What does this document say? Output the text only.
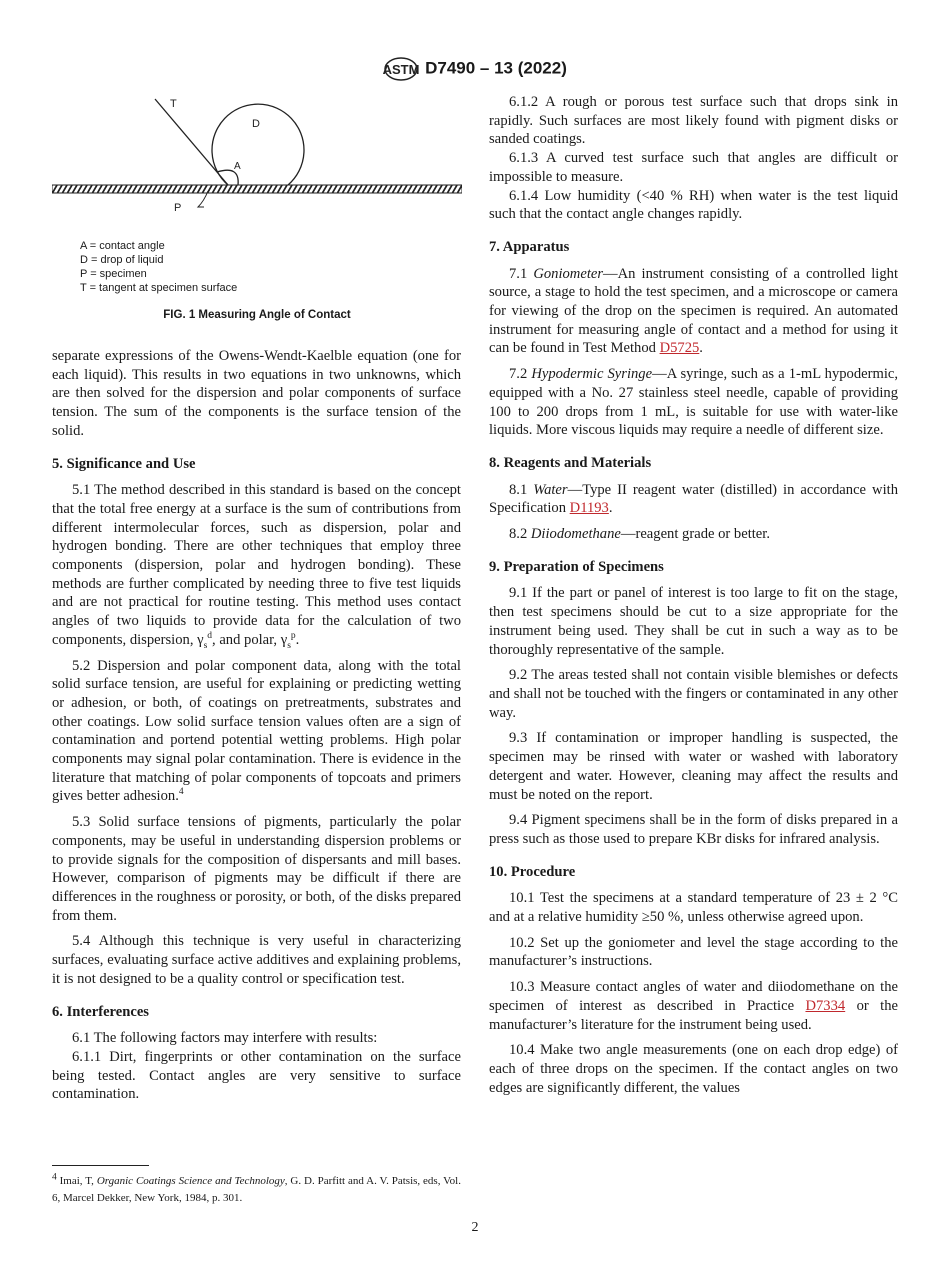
ASTM D7490 – 13 (2022)
T
D
A
P
A = contact angle
D = drop of liquid
P = specimen
T = tangent at specimen surface
FIG. 1 Measuring Angle of Contact
separate expressions of the Owens-Wendt-Kaelble equation (one for each liquid). This results in two equations in two unknowns, which are then solved for the dispersion and polar components of surface tension. The sum of the components is the surface tension of the solid.
5. Significance and Use
5.1 The method described in this standard is based on the concept that the total free energy at a surface is the sum of contributions from different intermolecular forces, such as dispersion, polar and hydrogen bonding. There are other techniques that employ three components (dispersion, polar and hydrogen bonding). These methods are further complicated by needing three to five test liquids and are not practical for routine testing. This method uses contact angles of two liquids to provide data for the calculation of two components, dispersion, $\gamma_s^d$, and polar, $\gamma_s^p$.
5.2 Dispersion and polar component data, along with the total solid surface tension, are useful for explaining or predicting wetting or adhesion, or both, of coatings on pretreatments, substrates and other coatings. Low solid surface tension values often are a sign of contamination and portend potential wetting problems. High polar components may signal polar contamination. There is evidence in the literature that matching of polar components of topcoats and primers gives better adhesion.$^4$
5.3 Solid surface tensions of pigments, particularly the polar components, may be useful in understanding dispersion problems or to provide signals for the composition of dispersants and mill bases. However, comparison of pigments may be difficult if there are differences in the roughness or porosity, or both, of the disks prepared from them.
5.4 Although this technique is very useful in characterizing surfaces, evaluating surface active additives and explaining problems, it is not designed to be a quality control or specification test.
6. Interferences
6.1 The following factors may interfere with results:
6.1.1 Dirt, fingerprints or other contamination on the surface being tested. Contact angles are very sensitive to surface contamination.
6.1.2 A rough or porous test surface such that drops sink in rapidly. Such surfaces are most likely found with pigment disks or sanded coatings.
6.1.3 A curved test surface such that angles are difficult or impossible to measure.
6.1.4 Low humidity (<40 % RH) when water is the test liquid such that the contact angle changes rapidly.
7. Apparatus
7.1 Goniometer—An instrument consisting of a controlled light source, a stage to hold the test specimen, and a microscope or camera for viewing of the drop on the specimen is required. An automated instrument for measuring angle of contact and a method for using it can be found in Test Method D5725.
7.2 Hypodermic Syringe—A syringe, such as a 1-mL hypodermic, equipped with a No. 27 stainless steel needle, capable of providing 100 to 200 drops from 1 mL, is suitable for use with water-like liquids. More viscous liquids may require a needle of different size.
8. Reagents and Materials
8.1 Water—Type II reagent water (distilled) in accordance with Specification D1193.
8.2 Diiodomethane—reagent grade or better.
9. Preparation of Specimens
9.1 If the part or panel of interest is too large to fit on the stage, then test specimens should be cut to a size appropriate for the instrument being used. They shall be cut in such a way as to be thoroughly representative of the sample.
9.2 The areas tested shall not contain visible blemishes or defects and shall not be touched with the fingers or contaminated in any other way.
9.3 If contamination or improper handling is suspected, the specimen may be rinsed with water or washed with laboratory detergent and water. However, cleaning may affect the results and must be noted on the report.
9.4 Pigment specimens shall be in the form of disks prepared in a press such as those used to prepare KBr disks for infrared analysis.
10. Procedure
10.1 Test the specimens at a standard temperature of 23 ± 2 °C and at a relative humidity ≥50 %, unless otherwise agreed upon.
10.2 Set up the goniometer and level the stage according to the manufacturer’s instructions.
10.3 Measure contact angles of water and diiodomethane on the specimen of interest as described in Practice D7334 or the manufacturer’s literature for the instrument being used.
10.4 Make two angle measurements (one on each drop edge) of each of three drops on the specimen. If the contact angles on two edges are significantly different, the values
$^4$ Imai, T, Organic Coatings Science and Technology, G. D. Parfitt and A. V. Patsis, eds, Vol. 6, Marcel Dekker, New York, 1984, p. 301.
2
